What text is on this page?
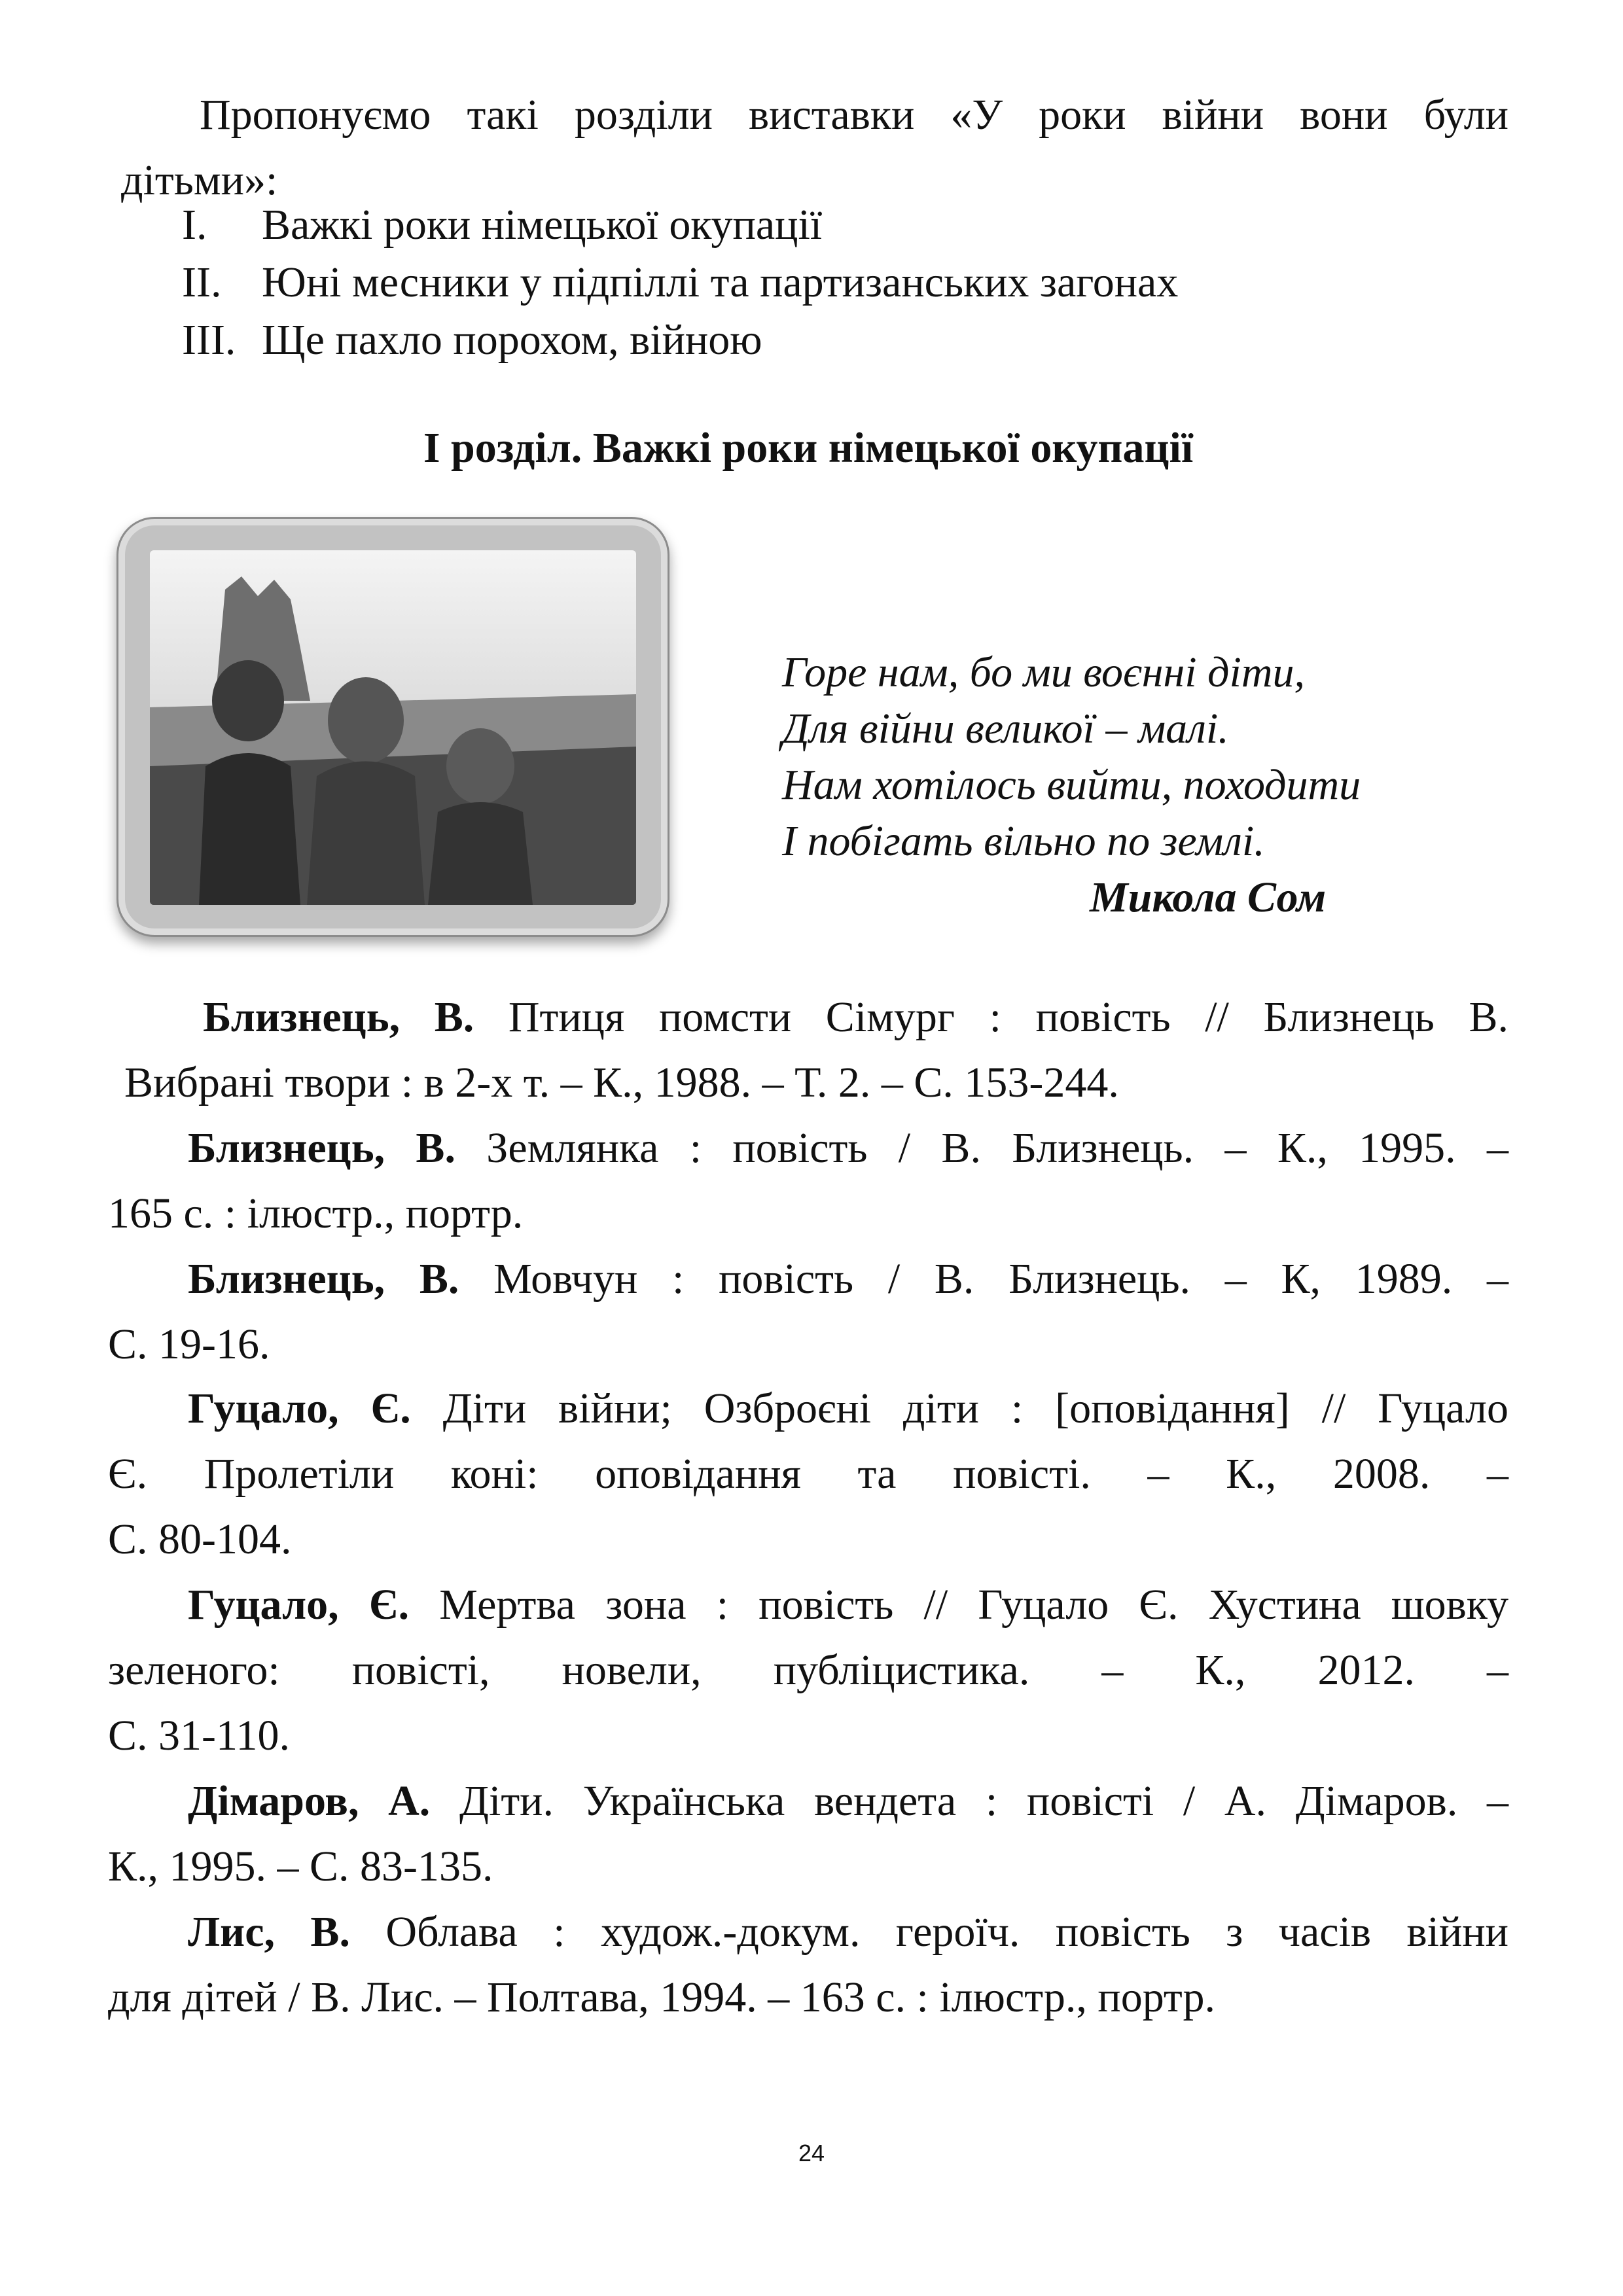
Пропонуємо такі розділи виставки «У роки війни вони були
дітьми»:

I.	Важкі роки німецької окупації
II. Юні месники у підпіллі та партизанських загонах
III. Ще пахло порохом, війною
І розділ. Важкі роки німецької окупації

Горе нам, бо ми воєнні діти,
Для війни великої – малі.
Нам хотілось вийти, походити
І побігать вільно по землі.
Микола Сом

Близнець, В. Птиця помсти Сімург : повість // Близнець В.
Вибрані твори : в 2-х т. – К., 1988. – Т. 2. – С. 153-244.

Близнець, В. Землянка : повість / В. Близнець. – К., 1995. –
165 с. : ілюстр., портр.

Близнець, В. Мовчун : повість / В. Близнець. – К, 1989. –
С. 19-16.

Гуцало, Є. Діти війни; Озброєні діти : [оповідання] // Гуцало
Є. Пролетіли коні: оповідання та повісті. – К., 2008. –
С. 80-104.

Гуцало, Є. Мертва зона : повість // Гуцало Є. Хустина шовку
зеленого: повісті, новели, публіцистика. – К., 2012. –
С. 31-110.

Дімаров, А. Діти. Українська вендета : повісті / А. Дімаров. –
К., 1995. – С. 83-135.

Лис, В. Облава : худож.-докум. героїч. повість з часів війни
для дітей / В. Лис. – Полтава, 1994. – 163 с. : ілюстр., портр.

24
